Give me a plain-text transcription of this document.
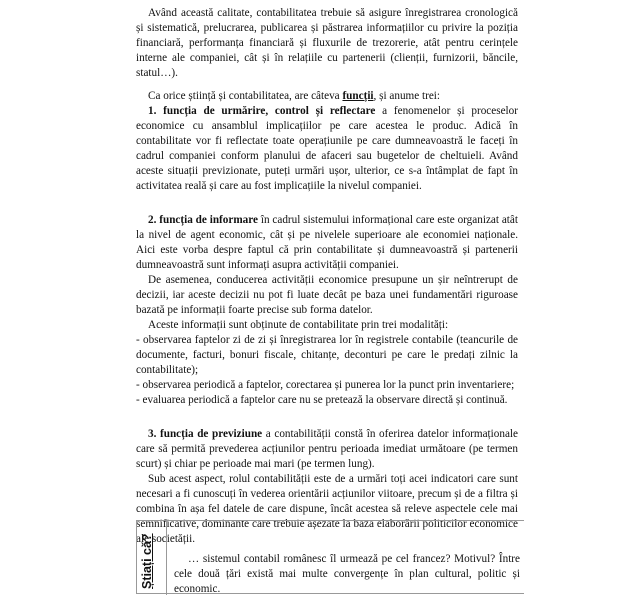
Având această calitate, contabilitatea trebuie să asigure înregistrarea cronologică și sistematică, prelucrarea, publicarea și păstrarea informațiilor cu privire la poziția financiară, performanța financiară și fluxurile de trezorerie, atât pentru cerințele interne ale companiei, cât și în relațiile cu partenerii (clienții, furnizorii, băncile, statul…).

Ca orice știință și contabilitatea, are câteva funcții, și anume trei:

1. funcția de urmărire, control și reflectare a fenomenelor și proceselor economice cu ansamblul implicațiilor pe care acestea le produc. Adică în contabilitate vor fi reflectate toate operațiunile pe care dumneavoastră le faceți în cadrul companiei conform planului de afaceri sau bugetelor de cheltuieli. Având aceste situații previzionate, puteți urmări ușor, ulterior, ce s-a întâmplat de fapt în activitatea reală și care au fost implicațiile la nivelul companiei.

2. funcția de informare în cadrul sistemului informațional care este organizat atât la nivel de agent economic, cât și pe nivelele superioare ale economiei naționale. Aici este vorba despre faptul că prin contabilitate și dumneavoastră și partenerii dumneavoastră sunt informați asupra activității companiei.

De asemenea, conducerea activității economice presupune un șir neîntrerupt de decizii, iar aceste decizii nu pot fi luate decât pe baza unei fundamentări riguroase bazată pe informații foarte precise sub forma datelor.

Aceste informații sunt obținute de contabilitate prin trei modalități:

- observarea faptelor zi de zi și înregistrarea lor în registrele contabile (teancurile de documente, facturi, bonuri fiscale, chitanțe, deconturi pe care le predați zilnic la contabilitate);

- observarea periodică a faptelor, corectarea și punerea lor la punct prin inventariere;

- evaluarea periodică a faptelor care nu se pretează la observare directă și continuă.

3. funcția de previziune a contabilității constă în oferirea datelor informaționale care să permită prevederea acțiunilor pentru perioada imediat următoare (pe termen scurt) și chiar pe perioade mai mari (pe termen lung).

Sub acest aspect, rolul contabilității este de a urmări toți acei indicatori care sunt necesari a fi cunoscuți în vederea orientării acțiunilor viitoare, precum și de a filtra și combina în așa fel datele de care dispune, încât acestea să releve aspectele cele mai semnificative, dominante care trebuie așezate la baza elaborării politicilor economice ale societății.

Știați că?	… sistemul contabil românesc îl urmează pe cel francez? Motivul? Între cele două țări există mai multe convergențe în plan cultural, politic și economic.
